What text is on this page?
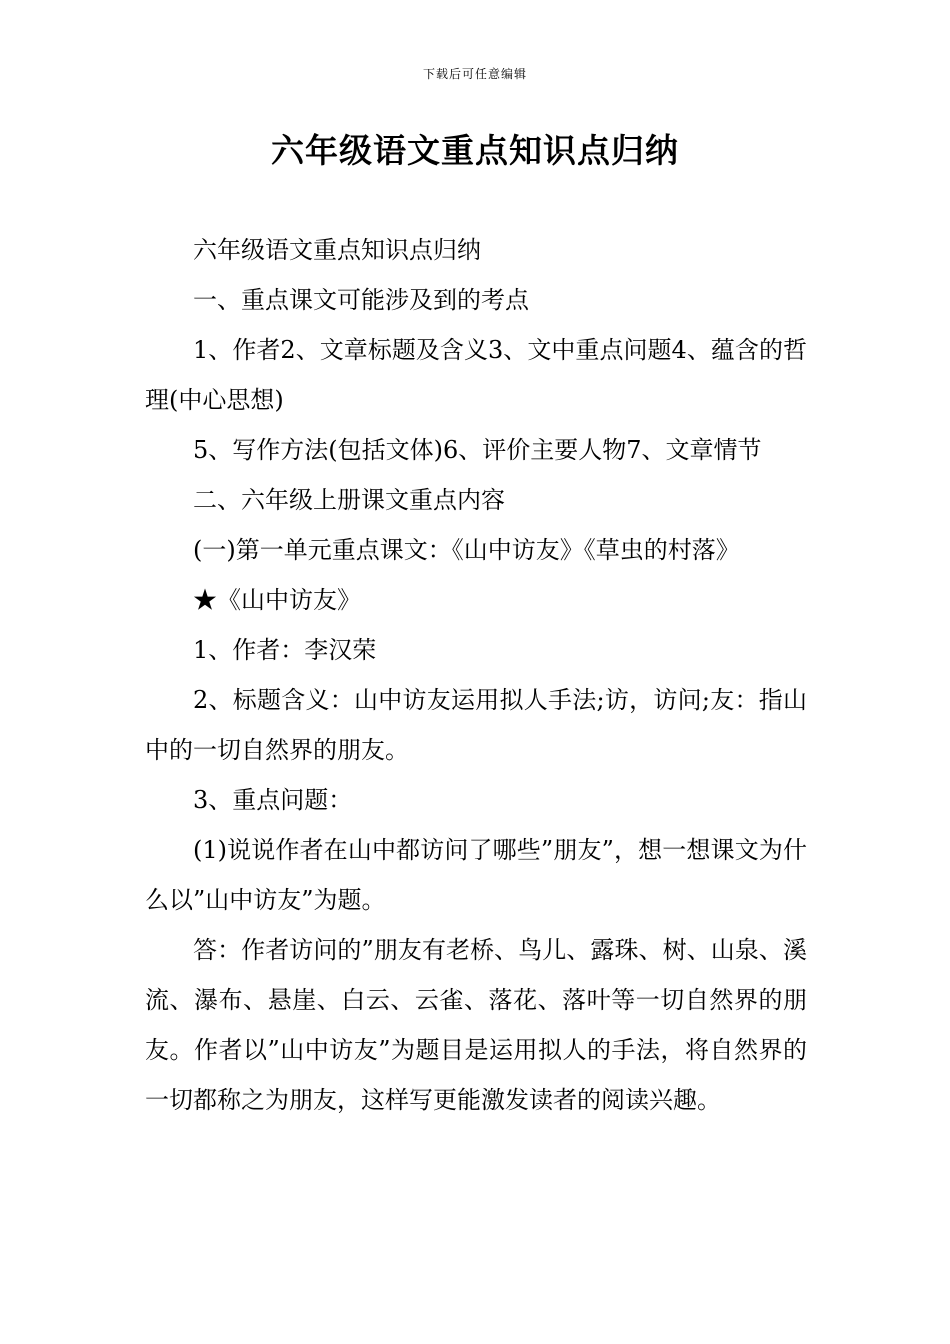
下载后可任意编辑
六年级语文重点知识点归纳

六年级语文重点知识点归纳

一、重点课文可能涉及到的考点

1、作者2、文章标题及含义3、文中重点问题4、蕴含的哲理(中心思想)

5、写作方法(包括文体)6、评价主要人物7、文章情节

二、六年级上册课文重点内容

(一)第一单元重点课文：《山中访友》《草虫的村落》

★《山中访友》

1、作者：李汉荣

2、标题含义：山中访友运用拟人手法;访，访问;友：指山中的一切自然界的朋友。

3、重点问题：

(1)说说作者在山中都访问了哪些”朋友”，想一想课文为什么以”山中访友”为题。

答：作者访问的”朋友有老桥、鸟儿、露珠、树、山泉、溪流、瀑布、悬崖、白云、云雀、落花、落叶等一切自然界的朋友。作者以”山中访友”为题目是运用拟人的手法，将自然界的一切都称之为朋友，这样写更能激发读者的阅读兴趣。
